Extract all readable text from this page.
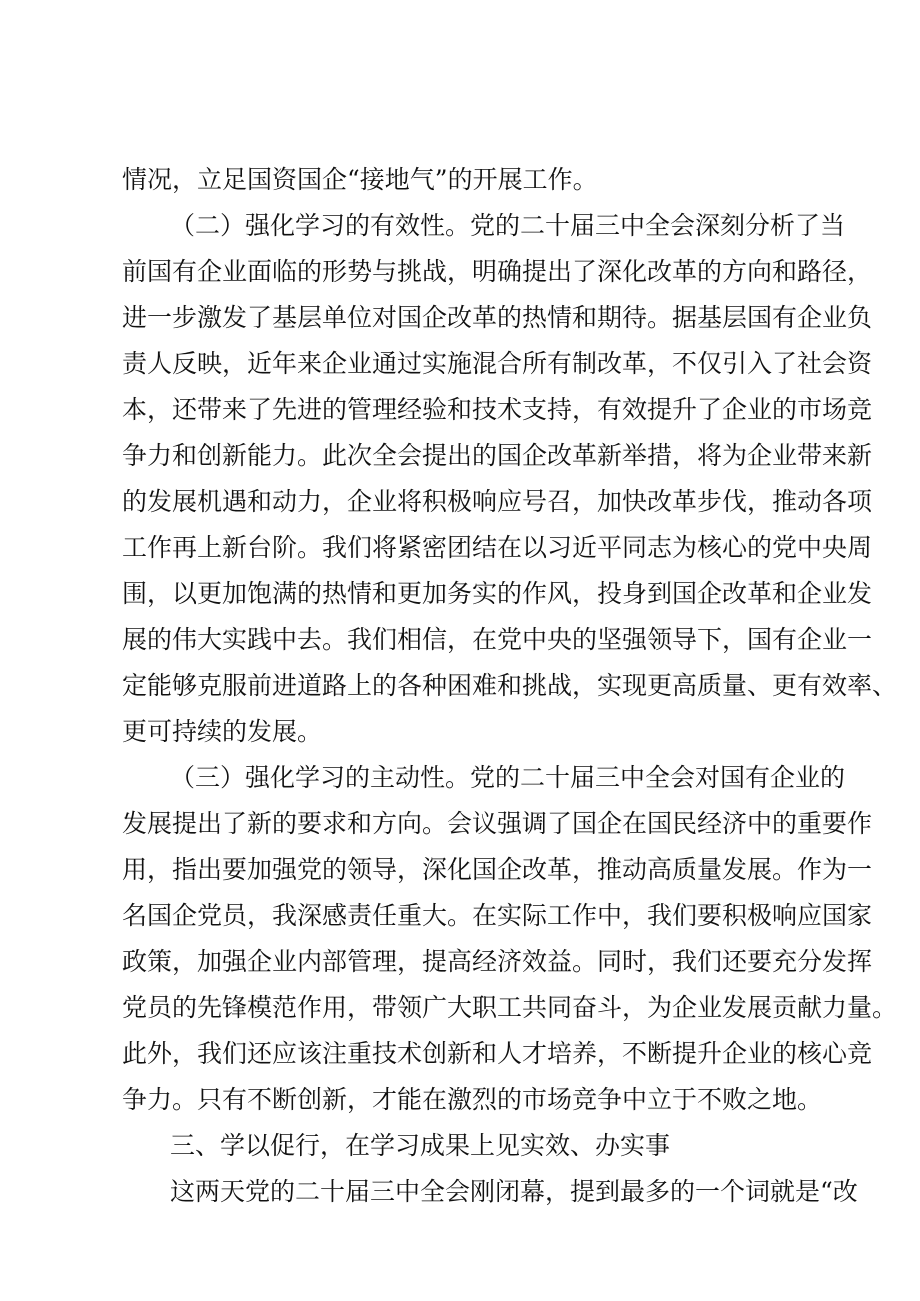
情况，立足国资国企“接地气”的开展工作。
（二）强化学习的有效性。党的二十届三中全会深刻分析了当
前国有企业面临的形势与挑战，明确提出了深化改革的方向和路径，
进一步激发了基层单位对国企改革的热情和期待。据基层国有企业负
责人反映，近年来企业通过实施混合所有制改革，不仅引入了社会资
本，还带来了先进的管理经验和技术支持，有效提升了企业的市场竞
争力和创新能力。此次全会提出的国企改革新举措，将为企业带来新
的发展机遇和动力，企业将积极响应号召，加快改革步伐，推动各项
工作再上新台阶。我们将紧密团结在以习近平同志为核心的党中央周
围，以更加饱满的热情和更加务实的作风，投身到国企改革和企业发
展的伟大实践中去。我们相信，在党中央的坚强领导下，国有企业一
定能够克服前进道路上的各种困难和挑战，实现更高质量、更有效率、
更可持续的发展。
（三）强化学习的主动性。党的二十届三中全会对国有企业的
发展提出了新的要求和方向。会议强调了国企在国民经济中的重要作
用，指出要加强党的领导，深化国企改革，推动高质量发展。作为一
名国企党员，我深感责任重大。在实际工作中，我们要积极响应国家
政策，加强企业内部管理，提高经济效益。同时，我们还要充分发挥
党员的先锋模范作用，带领广大职工共同奋斗，为企业发展贡献力量。
此外，我们还应该注重技术创新和人才培养，不断提升企业的核心竞
争力。只有不断创新，才能在激烈的市场竞争中立于不败之地。
三、学以促行，在学习成果上见实效、办实事
这两天党的二十届三中全会刚闭幕，提到最多的一个词就是“改
